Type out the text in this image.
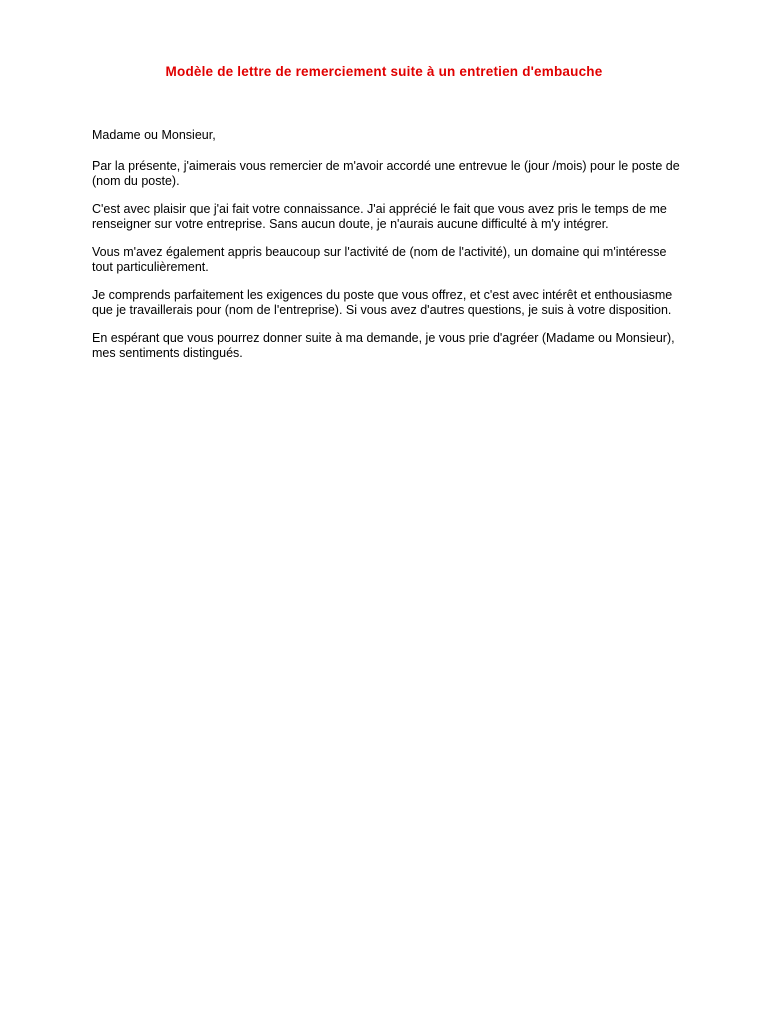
Modèle de lettre de remerciement suite à un entretien d'embauche

Madame ou Monsieur,

Par la présente, j'aimerais vous remercier de m'avoir accordé une entrevue le (jour /mois) pour le poste de (nom du poste).

C'est avec plaisir que j'ai fait votre connaissance. J'ai apprécié le fait que vous avez pris le temps de me renseigner sur votre entreprise. Sans aucun doute, je n'aurais aucune difficulté à m'y intégrer.

Vous m'avez également appris beaucoup sur l'activité de (nom de l'activité), un domaine qui m'intéresse tout particulièrement.

Je comprends parfaitement les exigences du poste que vous offrez, et c'est avec intérêt et enthousiasme que je travaillerais pour (nom de l'entreprise). Si vous avez d'autres questions, je suis à votre disposition.

En espérant que vous pourrez donner suite à ma demande, je vous prie d'agréer (Madame ou Monsieur), mes sentiments distingués.
